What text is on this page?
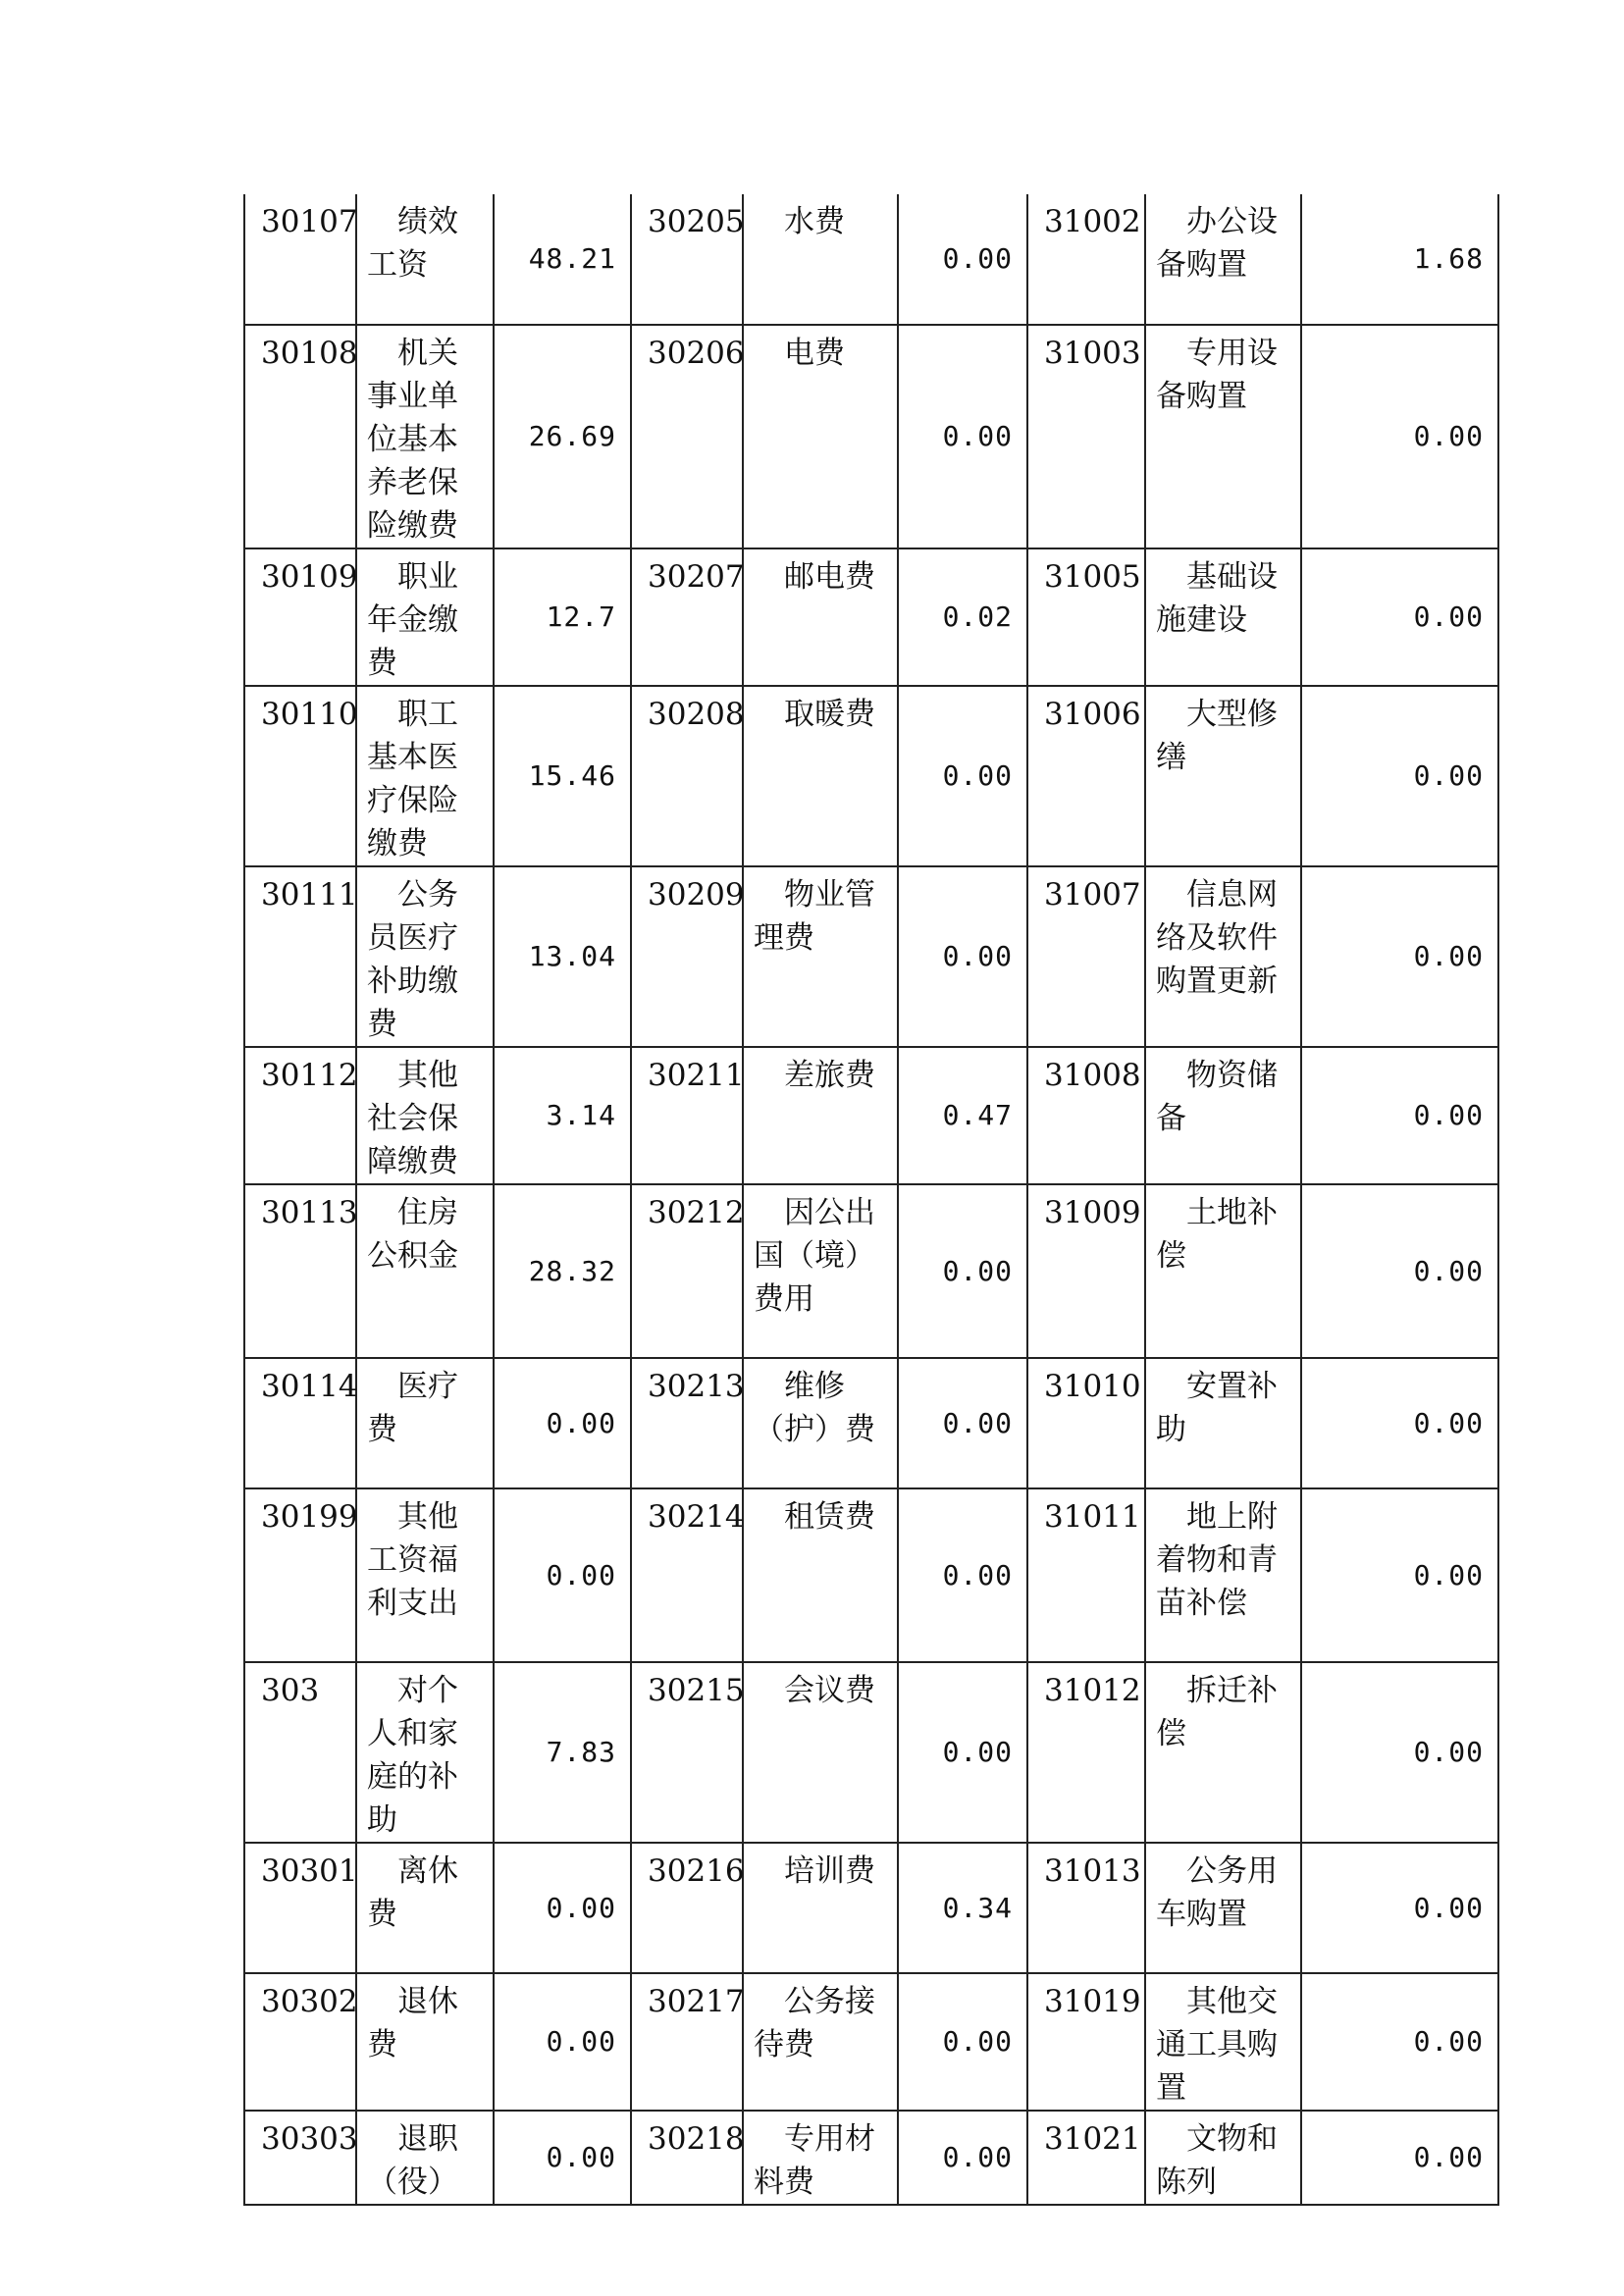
30107	绩效工资	48.21	30205	水费	0.00	31002	办公设备购置	1.68
30108	机关事业单位基本养老保险缴费	26.69	30206	电费	0.00	31003	专用设备购置	0.00
30109	职业年金缴费	12.7	30207	邮电费	0.02	31005	基础设施建设	0.00
30110	职工基本医疗保险缴费	15.46	30208	取暖费	0.00	31006	大型修缮	0.00
30111	公务员医疗补助缴费	13.04	30209	物业管理费	0.00	31007	信息网络及软件购置更新	0.00
30112	其他社会保障缴费	3.14	30211	差旅费	0.47	31008	物资储备	0.00
30113	住房公积金	28.32	30212	因公出国（境）费用	0.00	31009	土地补偿	0.00
30114	医疗费	0.00	30213	维修（护）费	0.00	31010	安置补助	0.00
30199	其他工资福利支出	0.00	30214	租赁费	0.00	31011	地上附着物和青苗补偿	0.00
303	对个人和家庭的补助	7.83	30215	会议费	0.00	31012	拆迁补偿	0.00
30301	离休费	0.00	30216	培训费	0.34	31013	公务用车购置	0.00
30302	退休费	0.00	30217	公务接待费	0.00	31019	其他交通工具购置	0.00
30303	退职（役）	0.00	30218	专用材料费	0.00	31021	文物和陈列	0.00
